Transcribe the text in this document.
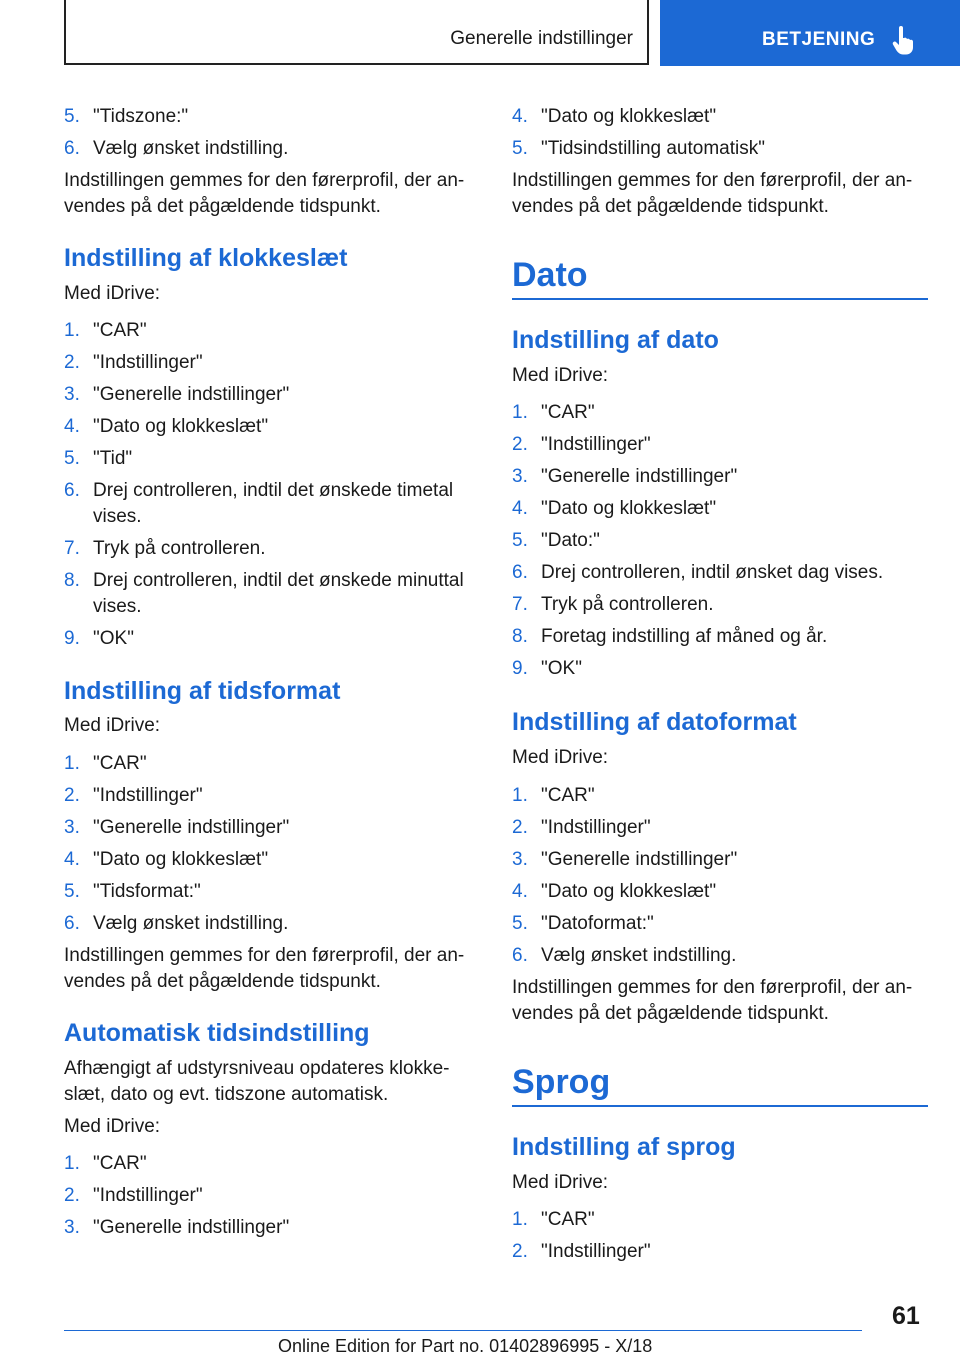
Generelle indstillinger	BETJENING
5. "Tidszone:"
6. Vælg ønsket indstilling.
Indstillingen gemmes for den førerprofil, der an‐
vendes på det pågældende tidspunkt.
Indstilling af klokkeslæt
Med iDrive:
1. "CAR"
2. "Indstillinger"
3. "Generelle indstillinger"
4. "Dato og klokkeslæt"
5. "Tid"
6. Drej controlleren, indtil det ønskede timetal
vises.
7. Tryk på controlleren.
8. Drej controlleren, indtil det ønskede minuttal
vises.
9. "OK"
Indstilling af tidsformat
Med iDrive:
1. "CAR"
2. "Indstillinger"
3. "Generelle indstillinger"
4. "Dato og klokkeslæt"
5. "Tidsformat:"
6. Vælg ønsket indstilling.
Indstillingen gemmes for den førerprofil, der an‐
vendes på det pågældende tidspunkt.
Automatisk tidsindstilling
Afhængigt af udstyrsniveau opdateres klokke‐
slæt, dato og evt. tidszone automatisk.
Med iDrive:
1. "CAR"
2. "Indstillinger"
3. "Generelle indstillinger"
4. "Dato og klokkeslæt"
5. "Tidsindstilling automatisk"
Indstillingen gemmes for den førerprofil, der an‐
vendes på det pågældende tidspunkt.
Dato
Indstilling af dato
Med iDrive:
1. "CAR"
2. "Indstillinger"
3. "Generelle indstillinger"
4. "Dato og klokkeslæt"
5. "Dato:"
6. Drej controlleren, indtil ønsket dag vises.
7. Tryk på controlleren.
8. Foretag indstilling af måned og år.
9. "OK"
Indstilling af datoformat
Med iDrive:
1. "CAR"
2. "Indstillinger"
3. "Generelle indstillinger"
4. "Dato og klokkeslæt"
5. "Datoformat:"
6. Vælg ønsket indstilling.
Indstillingen gemmes for den førerprofil, der an‐
vendes på det pågældende tidspunkt.
Sprog
Indstilling af sprog
Med iDrive:
1. "CAR"
2. "Indstillinger"
61
Online Edition for Part no. 01402896995 - X/18
